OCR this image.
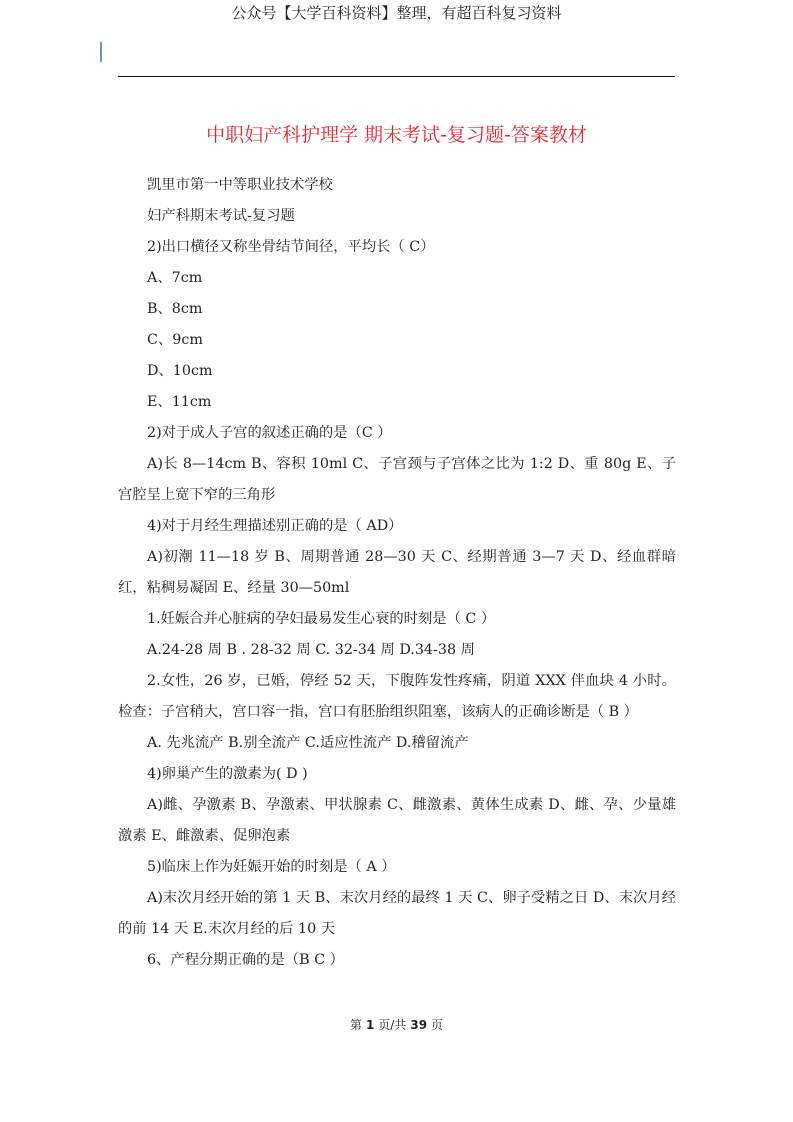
公众号【大学百科资料】整理，有超百科复习资料
中职妇产科护理学 期末考试-复习题-答案教材

凯里市第一中等职业技术学校

妇产科期末考试-复习题

2)出口横径又称坐骨结节间径，平均长（ C）

A、7cm

B、8cm

C、9cm

D、10cm

E、11cm

2)对于成人子宫的叙述正确的是（C ）

A)长 8—14cm B、容积 10ml C、子宫颈与子宫体之比为 1:2 D、重 80g E、子宫腔呈上宽下窄的三角形

4)对于月经生理描述别正确的是（ AD）

A)初潮 11—18 岁 B、周期普通 28—30 天 C、经期普通 3—7 天 D、经血群暗红，粘稠易凝固 E、经量 30—50ml

1.妊娠合并心脏病的孕妇最易发生心衰的时刻是（ C ）

A.24-28 周 B . 28-32 周 C. 32-34 周 D.34-38 周

2.女性，26 岁，已婚，停经 52 天，下腹阵发性疼痛，阴道 XXX 伴血块 4 小时。检查：子宫稍大，宫口容一指，宫口有胚胎组织阻塞，该病人的正确诊断是（ B ）

A. 先兆流产 B.别全流产 C.适应性流产 D.稽留流产

4)卵巢产生的激素为( D )

A)雌、孕激素 B、孕激素、甲状腺素 C、雌激素、黄体生成素 D、雌、孕、少量雄激素 E、雌激素、促卵泡素

5)临床上作为妊娠开始的时刻是（ A ）

A)末次月经开始的第 1 天 B、末次月经的最终 1 天 C、卵子受精之日 D、末次月经的前 14 天 E.末次月经的后 10 天

6、产程分期正确的是（B C ）

第 1 页/共 39 页
